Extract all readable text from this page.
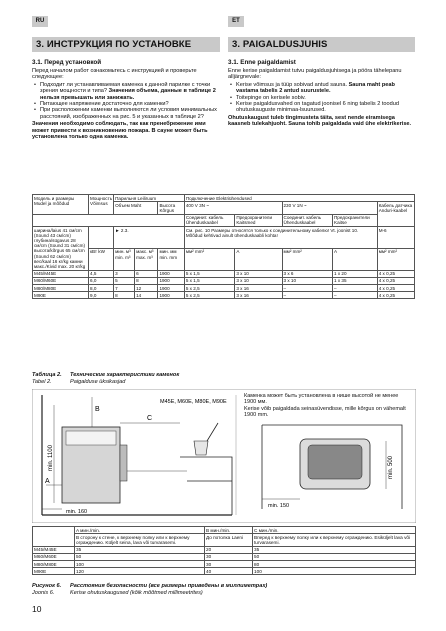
RU	ET
3. ИНСТРУКЦИЯ ПО УСТАНОВКЕ	3. PAIGALDUSJUHIS
3.1. Перед установкой

Перед началом работ ознакомьтесь с инструкцией и проверьте следующее:

• Подходит ли устанавливаемая каменка к данной парилке с точки зрения мощности и типа? Значения объема, данные в таблице 2 нельзя превышать или занижать.
• Питающее напряжение достаточно для каменки?
• При расположении каменки выполняются ли условия минимальных расстояний, изображенных на рис. 5 и указанных в таблице 2?

Значения необходимо соблюдать, так как пренебрежение ими может привести к возникновению пожара. В сауне может быть установлена только одна каменка.

3.1. Enne paigaldamist

Enne kerise paigaldamist tutvu paigaldusjuhisega ja pööra tähelepanu alljärgnevale:

• Kerise võimsus ja tüüp sobivad antud sauna. Sauna maht peab vastama tabelis 2 antud suurustele.
• Toitepinge on kerisele sobiv.
• Kerise paigaldusvahed on tagatud joonisel 6 ning tabelis 2 toodud ohutuskauguste minimaa-lsuurused.

Ohutuskaugust tuleb tingimusteta täita, sest nende eiramisega kaasneb tulekahjuoht. Sauna tohib paigaldada vaid ühe elektrikerise.

Модель и размеры Mudel ja mõõdud	Мощность Võimsus	Парильня Leiliruum			Подключение Elektriühendused				
		Объем Maht		Высота Kõrgus	400 V 3N ~		230 V 1N ~		Кабель датчика Anduri-kaabel
					Соединит. кабель Ühenduskaabel	Предохранители Kaitsmed	Соединит. кабель Ühenduskaabel	Предохранители Kaitse	
ширина/laius 41 см/cm (Sound 43 см/cm) глубина/sügavus 28 см/cm (Sound 31 см/cm) высота/kõrgus 65 см/cm (Sound 62 см/cm) вес/kaal 16 кг/kg камни макс./Kivid max. 20 кг/kg		► 2.3.			См. рис. 10 Размеры относятся только к соединительному кабелю! Vt. joonist 10. Mõõdud kehtivad ainult ühenduskaabli kohta!				М-6
	кВт kW	мин. м³ min. m³	макс. м³ max. m³	мин. мм min. mm	мм² mm²	A	мм² mm²	A	мм² mm²
M45/M45E	4,5	3	6	1900	5 x 1,5	3 x 10	3 x 6	1 x 20	4 x 0,25
M60/M60E	6,0	5	8	1900	5 x 1,5	3 x 10	3 x 10	1 x 35	4 x 0,25
M80/M80E	8,0	7	12	1900	5 x 2,5	3 x 16	–	–	4 x 0,25
M90E	9,0	8	14	1900	5 x 2,5	3 x 16	–	–	4 x 0,25
Таблица 2. Технические характеристики каменок
Tabel 2.	Paigalduse üksikasjad
min. 1100
A
C
B
min. 160
M45E, M60E, M80E, M90E
Каменка может быть установлена в нише высотой не менее 1900 мм.
Kerise võib paigaldada seinasüvendisse, mille kõrgus on vähemalt 1900 mm.
min. 500
min. 150
	A мин./min.	B мин./min.	C мин./min.
	В сторону к стене, к верхнему полку или к верхнему ограждению. Küljelt seina, lava või turvarasemi.	До потолка Laeni	Вперед к верхнему полку или к верхнему ограждению. Esiküljelt lava või turvarasemi.
M45/M45E	35	20	35
M60/M60E	50	30	50
M80/M80E	100	30	80
M90E	120	40	100
Рисунок 6. Расстояния безопасности (все размеры приведены в миллиметрах)
Joonis 6.	Kerise ohutuskaugused (kõik mõõtmed millimeetrites)
10
